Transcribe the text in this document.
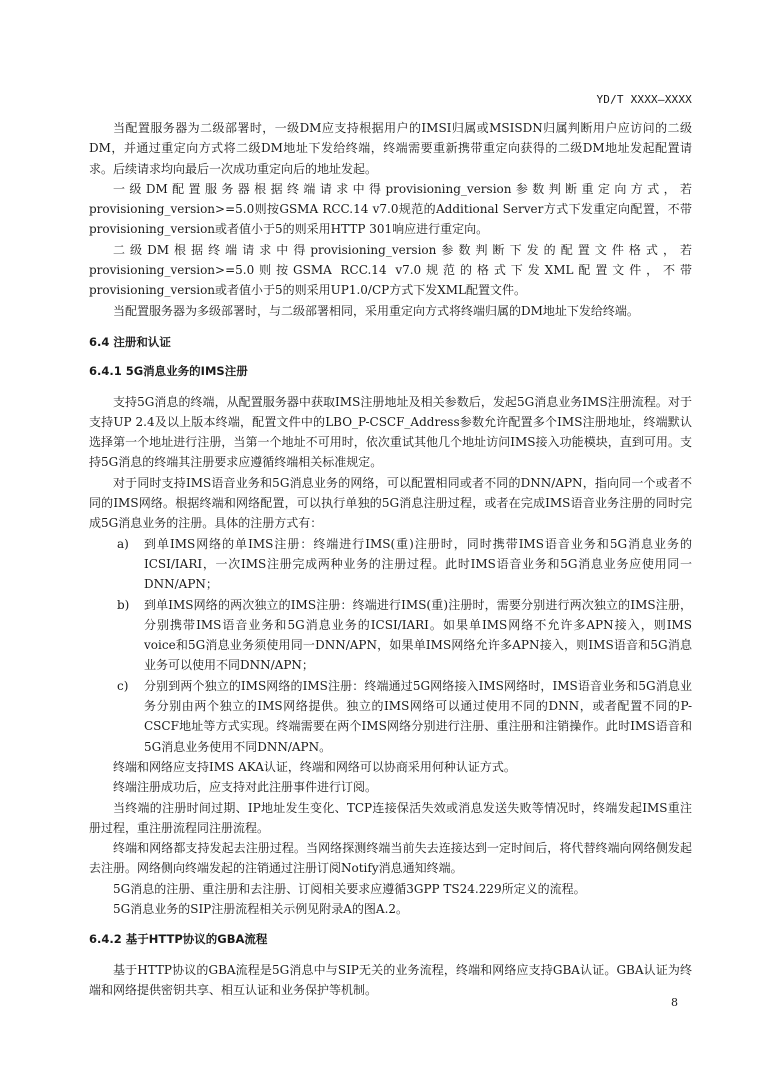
YD/T XXXX—XXXX

当配置服务器为二级部署时，一级DM应支持根据用户的IMSI归属或MSISDN归属判断用户应访问的二级DM，并通过重定向方式将二级DM地址下发给终端，终端需要重新携带重定向获得的二级DM地址发起配置请求。后续请求均向最后一次成功重定向后的地址发起。

一级DM配置服务器根据终端请求中得provisioning_version参数判断重定向方式，若provisioning_version>=5.0则按GSMA RCC.14 v7.0规范的Additional Server方式下发重定向配置，不带provisioning_version或者值小于5的则采用HTTP 301响应进行重定向。

二级DM根据终端请求中得provisioning_version参数判断下发的配置文件格式，若provisioning_version>=5.0则按GSMA RCC.14 v7.0规范的格式下发XML配置文件，不带provisioning_version或者值小于5的则采用UP1.0/CP方式下发XML配置文件。

当配置服务器为多级部署时，与二级部署相同，采用重定向方式将终端归属的DM地址下发给终端。

6.4 注册和认证
6.4.1 5G消息业务的IMS注册

支持5G消息的终端，从配置服务器中获取IMS注册地址及相关参数后，发起5G消息业务IMS注册流程。对于支持UP 2.4及以上版本终端，配置文件中的LBO_P-CSCF_Address参数允许配置多个IMS注册地址，终端默认选择第一个地址进行注册，当第一个地址不可用时，依次重试其他几个地址访问IMS接入功能模块，直到可用。支持5G消息的终端其注册要求应遵循终端相关标准规定。

对于同时支持IMS语音业务和5G消息业务的网络，可以配置相同或者不同的DNN/APN，指向同一个或者不同的IMS网络。根据终端和网络配置，可以执行单独的5G消息注册过程，或者在完成IMS语音业务注册的同时完成5G消息业务的注册。具体的注册方式有：

a) 到单IMS网络的单IMS注册：终端进行IMS(重)注册时，同时携带IMS语音业务和5G消息业务的ICSI/IARI，一次IMS注册完成两种业务的注册过程。此时IMS语音业务和5G消息业务应使用同一DNN/APN；
b) 到单IMS网络的两次独立的IMS注册：终端进行IMS(重)注册时，需要分别进行两次独立的IMS注册，分别携带IMS语音业务和5G消息业务的ICSI/IARI。如果单IMS网络不允许多APN接入，则IMS voice和5G消息业务须使用同一DNN/APN，如果单IMS网络允许多APN接入，则IMS语音和5G消息业务可以使用不同DNN/APN；
c) 分别到两个独立的IMS网络的IMS注册：终端通过5G网络接入IMS网络时，IMS语音业务和5G消息业务分别由两个独立的IMS网络提供。独立的IMS网络可以通过使用不同的DNN，或者配置不同的P-CSCF地址等方式实现。终端需要在两个IMS网络分别进行注册、重注册和注销操作。此时IMS语音和5G消息业务使用不同DNN/APN。

终端和网络应支持IMS AKA认证，终端和网络可以协商采用何种认证方式。

终端注册成功后，应支持对此注册事件进行订阅。

当终端的注册时间过期、IP地址发生变化、TCP连接保活失效或消息发送失败等情况时，终端发起IMS重注册过程，重注册流程同注册流程。

终端和网络都支持发起去注册过程。当网络探测终端当前失去连接达到一定时间后，将代替终端向网络侧发起去注册。网络侧向终端发起的注销通过注册订阅Notify消息通知终端。

5G消息的注册、重注册和去注册、订阅相关要求应遵循3GPP TS24.229所定义的流程。

5G消息业务的SIP注册流程相关示例见附录A的图A.2。

6.4.2 基于HTTP协议的GBA流程

基于HTTP协议的GBA流程是5G消息中与SIP无关的业务流程，终端和网络应支持GBA认证。GBA认证为终端和网络提供密钥共享、相互认证和业务保护等机制。

8
